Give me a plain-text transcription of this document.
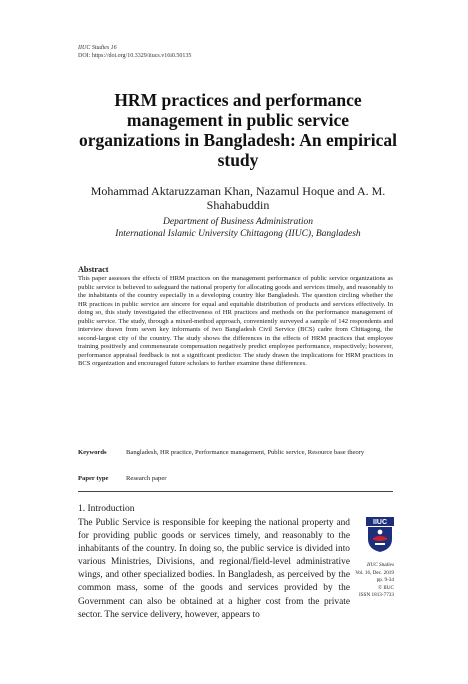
IIUC Studies 16
DOI: https://doi.org/10.3329/iiucs.v16i0.50135
HRM practices and performance management in public service organizations in Bangladesh: An empirical study
Mohammad Aktaruzzaman Khan, Nazamul Hoque and A. M. Shahabuddin
Department of Business Administration
International Islamic University Chittagong (IIUC), Bangladesh
Abstract

This paper assesses the effects of HRM practices on the management performance of public service organizations as public service is believed to safeguard the national property for allocating goods and services timely, and reasonably to the inhabitants of the country especially in a developing country like Bangladesh. The question circling whether the HR practices in public service are sincere for equal and equitable distribution of products and services effectively. In doing so, this study investigated the effectiveness of HR practices and methods on the performance management of public service. The study, through a mixed-method approach, conveniently surveyed a sample of 142 respondents and interview drawn from seven key informants of two Bangladesh Civil Service (BCS) cadre from Chittagong, the second-largest city of the country. The study shows the differences in the effects of HRM practices that employee training positively and commensurate compensation negatively predict employee performance, respectively; however, performance appraisal feedback is not a significant predictor. The study drawn the implications for HRM practices in BCS organization and encouraged future scholars to further examine these differences.

Keywords	Bangladesh, HR practice, Performance management, Public service, Resource base theory
Paper type	Research paper
1. Introduction

The Public Service is responsible for keeping the national property and for providing public goods or services timely, and reasonably to the inhabitants of the country. In doing so, the public service is divided into various Ministries, Divisions, and regional/field-level administrative wings, and other specialized bodies. In Bangladesh, as perceived by the common mass, some of the goods and services provided by the Government can also be obtained at a higher cost from the private sector. The service delivery, however, appears to

IIUC
IIUC Studies
Vol. 16, Dec. 2019
pp. 9-34
© IIUC
ISSN 1813-7733
